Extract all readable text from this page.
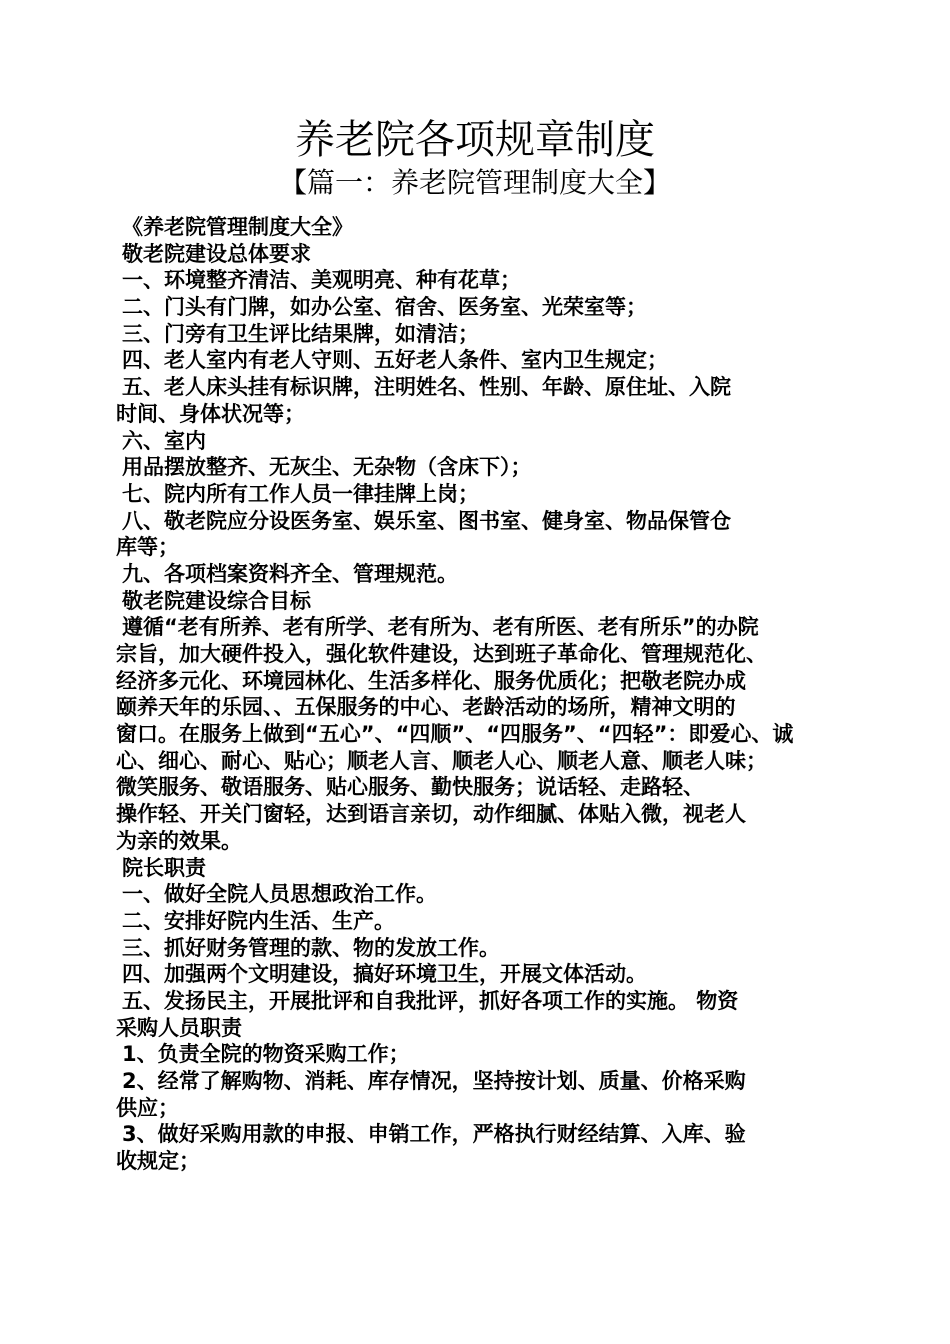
养老院各项规章制度
【篇一：养老院管理制度大全】
《养老院管理制度大全》
敬老院建设总体要求
一、环境整齐清洁、美观明亮、种有花草；
二、门头有门牌，如办公室、宿舍、医务室、光荣室等；
三、门旁有卫生评比结果牌，如清洁；
四、老人室内有老人守则、五好老人条件、室内卫生规定；
五、老人床头挂有标识牌，注明姓名、性别、年龄、原住址、入院
时间、身体状况等；
六、室内
用品摆放整齐、无灰尘、无杂物（含床下）；
七、院内所有工作人员一律挂牌上岗；
八、敬老院应分设医务室、娱乐室、图书室、健身室、物品保管仓
库等；
九、各项档案资料齐全、管理规范。
敬老院建设综合目标
遵循“老有所养、老有所学、老有所为、老有所医、老有所乐”的办院
宗旨，加大硬件投入，强化软件建设，达到班子革命化、管理规范化、
经济多元化、环境园林化、生活多样化、服务优质化；把敬老院办成
颐养天年的乐园、、五保服务的中心、老龄活动的场所，精神文明的
窗口。在服务上做到“五心”、“四顺”、“四服务”、“四轻”：即爱心、诚
心、细心、耐心、贴心；顺老人言、顺老人心、顺老人意、顺老人味；
微笑服务、敬语服务、贴心服务、勤快服务；说话轻、走路轻、
操作轻、开关门窗轻，达到语言亲切，动作细腻、体贴入微，视老人
为亲的效果。
院长职责
一、做好全院人员思想政治工作。
二、安排好院内生活、生产。
三、抓好财务管理的款、物的发放工作。
四、加强两个文明建设，搞好环境卫生，开展文体活动。
五、发扬民主，开展批评和自我批评，抓好各项工作的实施。 物资
采购人员职责
1、负责全院的物资采购工作；
2、经常了解购物、消耗、库存情况，坚持按计划、质量、价格采购
供应；
3、做好采购用款的申报、申销工作，严格执行财经结算、入库、验
收规定；
